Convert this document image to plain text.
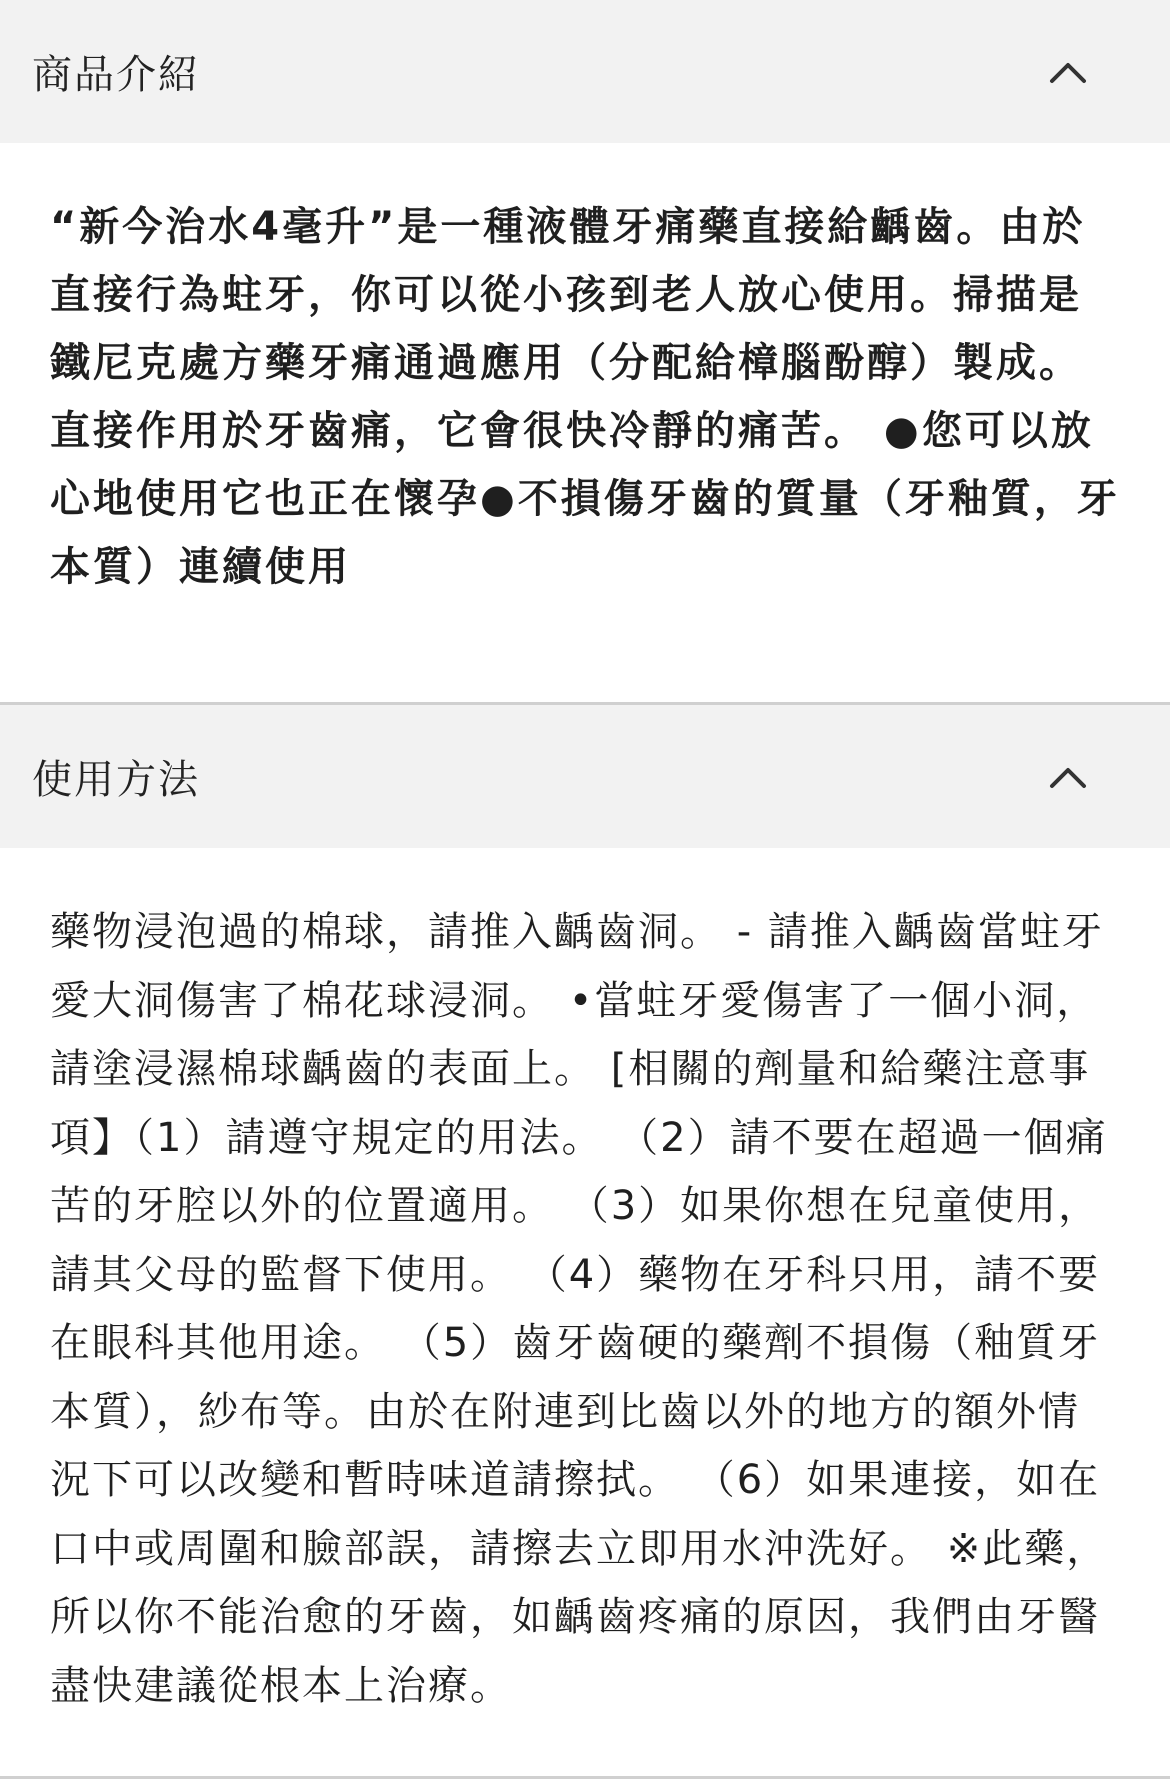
商品介紹

“新今治水4毫升”是一種液體牙痛藥直接給齲齒。由於直接行為蛀牙，你可以從小孩到老人放心使用。掃描是鐵尼克處方藥牙痛通過應用（分配給樟腦酚醇）製成。直接作用於牙齒痛，它會很快冷靜的痛苦。 ●您可以放心地使用它也正在懷孕●不損傷牙齒的質量（牙釉質，牙本質）連續使用

使用方法

藥物浸泡過的棉球，請推入齲齒洞。 - 請推入齲齒當蛀牙愛大洞傷害了棉花球浸洞。 •當蛀牙愛傷害了一個小洞，請塗浸濕棉球齲齒的表面上。 [相關的劑量和給藥注意事項】（1）請遵守規定的用法。 （2）請不要在超過一個痛苦的牙腔以外的位置適用。 （3）如果你想在兒童使用，請其父母的監督下使用。 （4）藥物在牙科只用，請不要在眼科其他用途。 （5）齒牙齒硬的藥劑不損傷（釉質牙本質），紗布等。由於在附連到比齒以外的地方的額外情況下可以改變和暫時味道請擦拭。 （6）如果連接，如在口中或周圍和臉部誤，請擦去立即用水沖洗好。 ※此藥，所以你不能治愈的牙齒，如齲齒疼痛的原因，我們由牙醫盡快建議從根本上治療。
